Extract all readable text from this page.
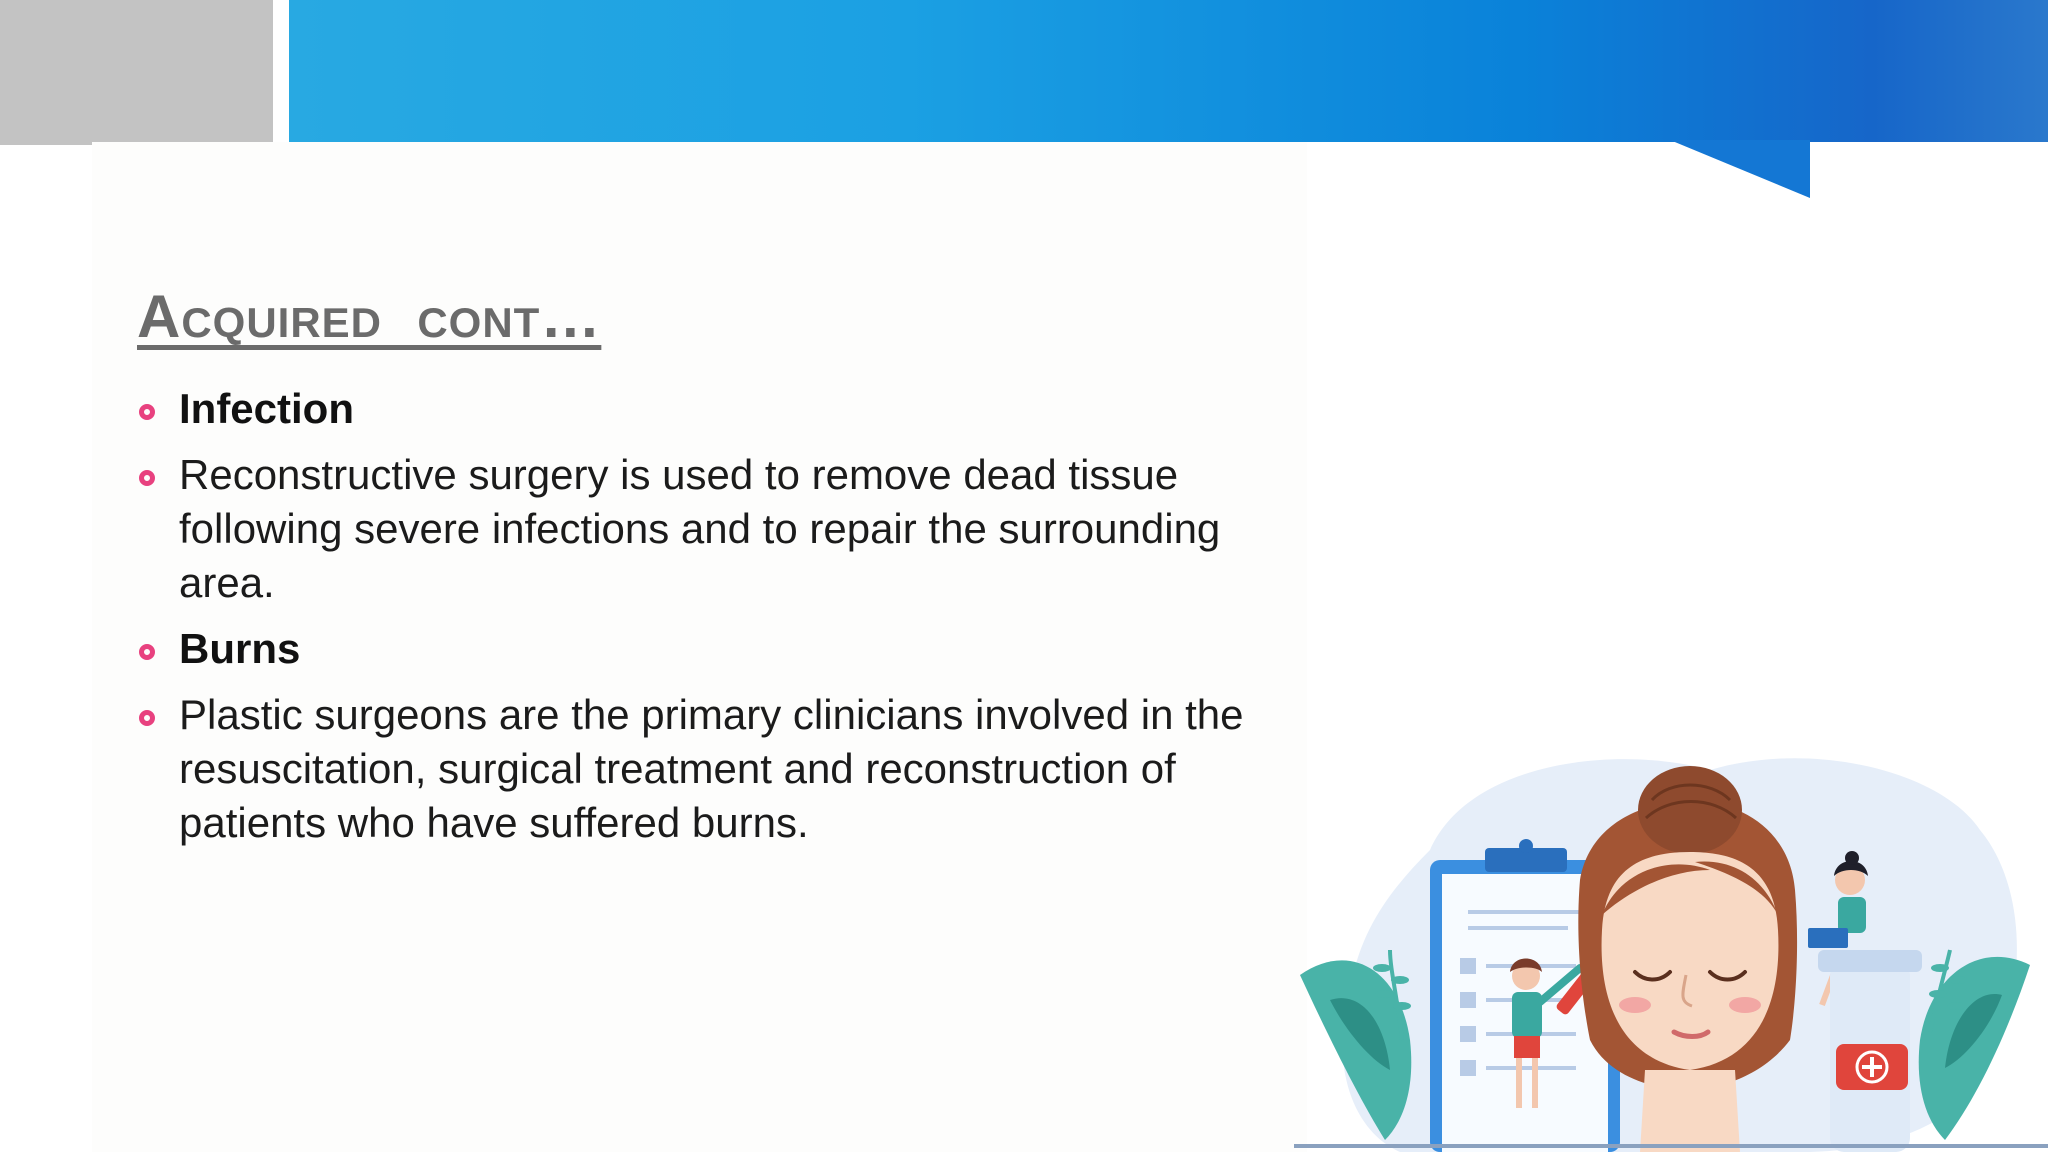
Acquired  cont…
Infection
Reconstructive surgery is used to remove dead tissue following severe infections and to repair the surrounding area.
Burns
Plastic surgeons are the primary clinicians involved in the resuscitation, surgical treatment and reconstruction of patients who have suffered burns.
